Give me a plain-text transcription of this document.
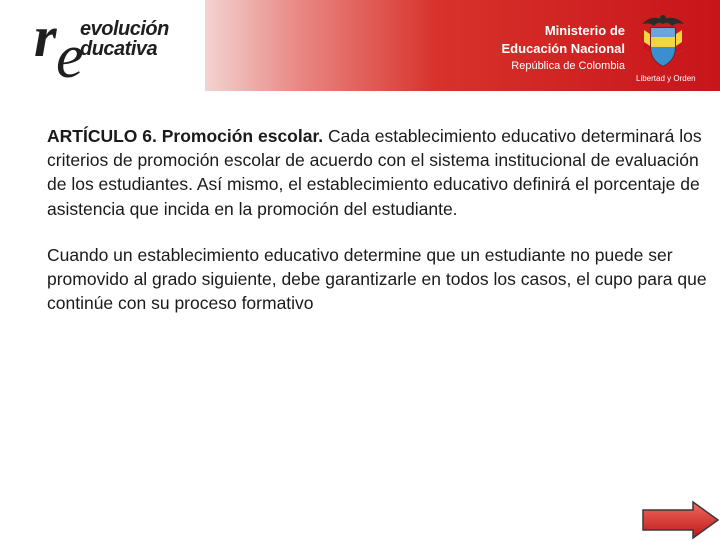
r e
evolución
ducativa
Ministerio de
Educación Nacional
República de Colombia
Libertad y Orden

ARTÍCULO 6. Promoción escolar. Cada establecimiento educativo determinará los criterios de promoción escolar de acuerdo con el sistema institucional de evaluación de los estudiantes. Así mismo, el establecimiento educativo definirá el porcentaje de asistencia que incida en la promoción del estudiante.

Cuando un establecimiento educativo determine que un estudiante no puede ser promovido al grado siguiente, debe garantizarle en todos los casos, el cupo para que continúe con su proceso formativo
